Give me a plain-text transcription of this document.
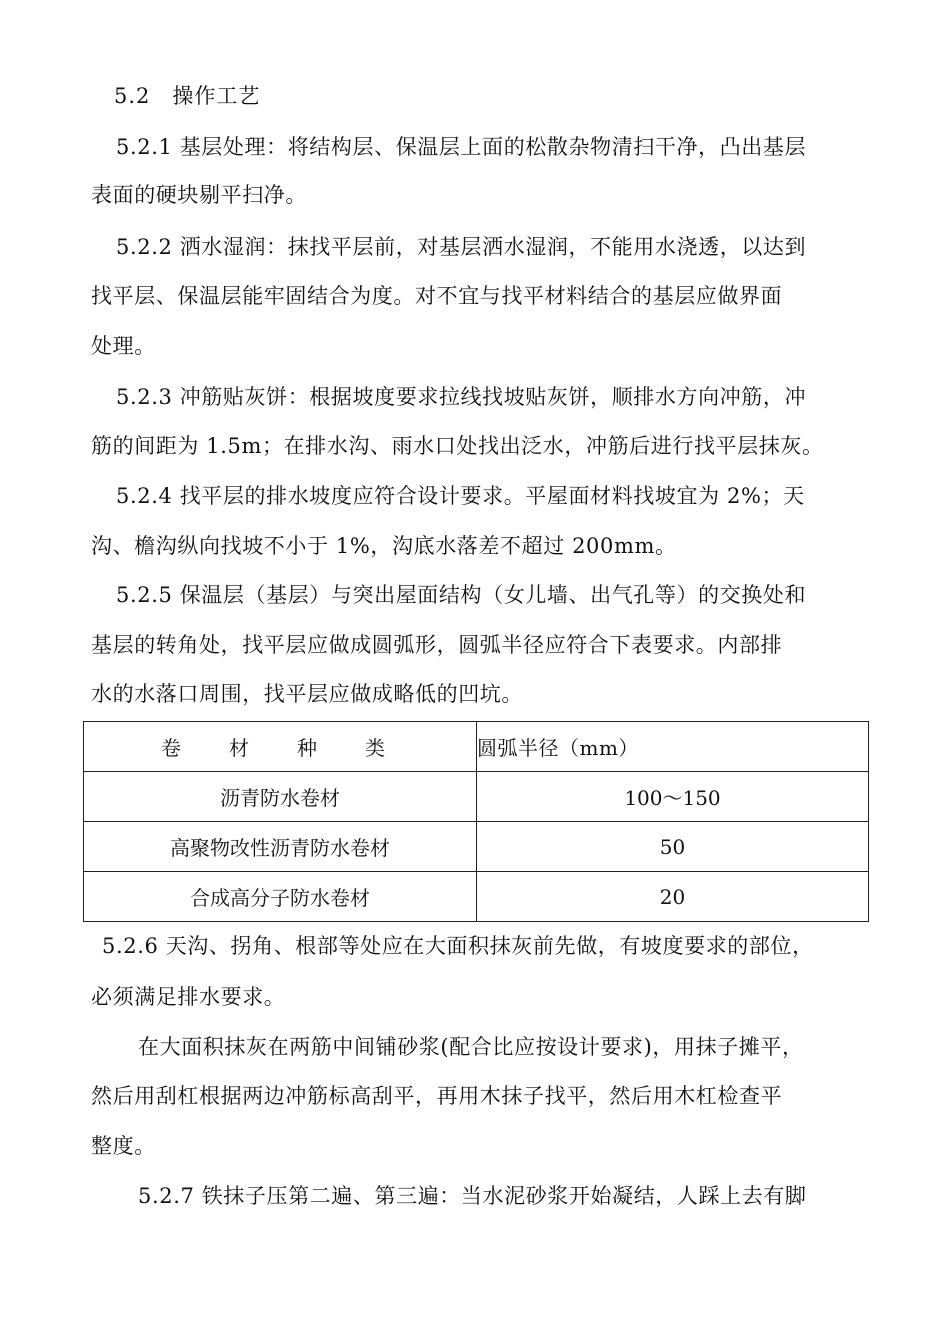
5.2　操作工艺
5.2.1 基层处理：将结构层、保温层上面的松散杂物清扫干净，凸出基层
表面的硬块剔平扫净。
5.2.2 洒水湿润：抹找平层前，对基层洒水湿润，不能用水浇透，以达到
找平层、保温层能牢固结合为度。对不宜与找平材料结合的基层应做界面
处理。
5.2.3 冲筋贴灰饼：根据坡度要求拉线找坡贴灰饼，顺排水方向冲筋，冲
筋的间距为 1.5m；在排水沟、雨水口处找出泛水，冲筋后进行找平层抹灰。
5.2.4 找平层的排水坡度应符合设计要求。平屋面材料找坡宜为 2%；天
沟、檐沟纵向找坡不小于 1%，沟底水落差不超过 200mm。
5.2.5 保温层（基层）与突出屋面结构（女儿墙、出气孔等）的交换处和
基层的转角处，找平层应做成圆弧形，圆弧半径应符合下表要求。内部排
水的水落口周围，找平层应做成略低的凹坑。
卷　材　种　类	圆弧半径（mm）
沥青防水卷材	100～150
高聚物改性沥青防水卷材	50
合成高分子防水卷材	20
5.2.6 天沟、拐角、根部等处应在大面积抹灰前先做，有坡度要求的部位，
必须满足排水要求。
在大面积抹灰在两筋中间铺砂浆(配合比应按设计要求)，用抹子摊平，
然后用刮杠根据两边冲筋标高刮平，再用木抹子找平，然后用木杠检查平
整度。
5.2.7 铁抹子压第二遍、第三遍：当水泥砂浆开始凝结，人踩上去有脚
